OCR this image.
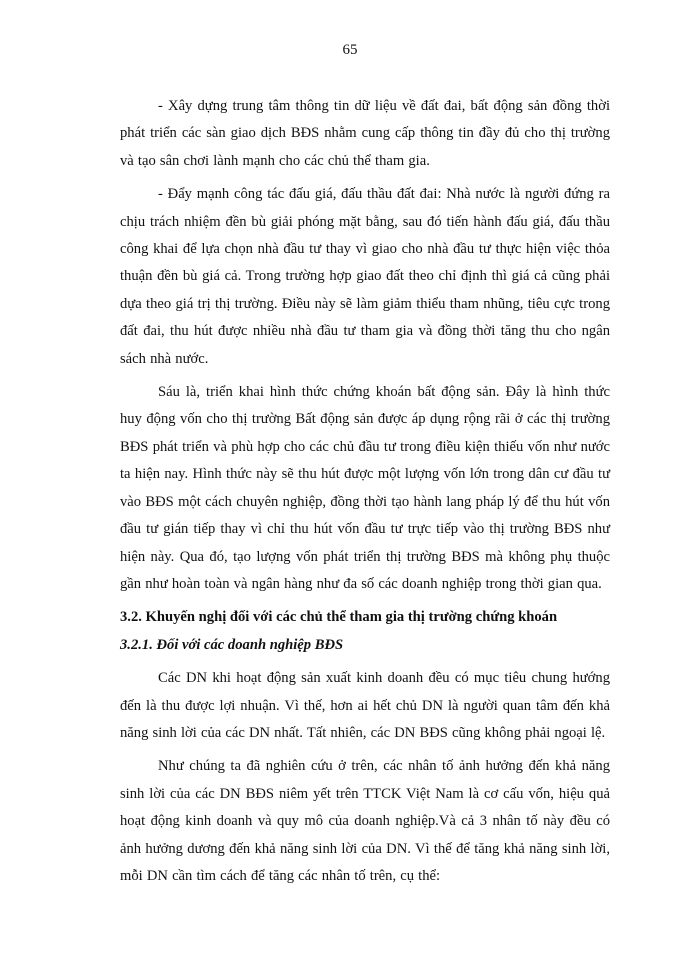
65

- Xây dựng trung tâm thông tin dữ liệu về đất đai, bất động sản đồng thời phát triển các sàn giao dịch BĐS nhằm cung cấp thông tin đầy đủ cho thị trường và tạo sân chơi lành mạnh cho các chủ thể tham gia.

- Đẩy mạnh công tác đấu giá, đấu thầu đất đai: Nhà nước là người đứng ra chịu trách nhiệm đền bù giải phóng mặt bằng, sau đó tiến hành đấu giá, đấu thầu công khai để lựa chọn nhà đầu tư thay vì giao cho nhà đầu tư thực hiện việc thỏa thuận đền bù giá cả. Trong trường hợp giao đất theo chỉ định thì giá cả cũng phải dựa theo giá trị thị trường. Điều này sẽ làm giảm thiểu tham nhũng, tiêu cực trong đất đai, thu hút được nhiều nhà đầu tư tham gia và đồng thời tăng thu cho ngân sách nhà nước.

Sáu là, triển khai hình thức chứng khoán bất động sản. Đây là hình thức huy động vốn cho thị trường Bất động sản được áp dụng rộng rãi ở các thị trường BĐS phát triển và phù hợp cho các chủ đầu tư trong điều kiện thiếu vốn như nước ta hiện nay. Hình thức này sẽ thu hút được một lượng vốn lớn trong dân cư đầu tư vào BĐS một cách chuyên nghiệp, đồng thời tạo hành lang pháp lý để thu hút vốn đầu tư gián tiếp thay vì chỉ thu hút vốn đầu tư trực tiếp vào thị trường BĐS như hiện này. Qua đó, tạo lượng vốn phát triển thị trường BĐS mà không phụ thuộc gần như hoàn toàn và ngân hàng như đa số các doanh nghiệp trong thời gian qua.

3.2. Khuyến nghị đối với các chủ thể tham gia thị trường chứng khoán

3.2.1. Đối với các doanh nghiệp BĐS

Các DN khi hoạt động sản xuất kinh doanh đều có mục tiêu chung hướng đến là thu được lợi nhuận. Vì thế, hơn ai hết chủ DN là người quan tâm đến khả năng sinh lời của các DN nhất. Tất nhiên, các DN BĐS cũng không phải ngoại lệ.

Như chúng ta đã nghiên cứu ở trên, các nhân tố ảnh hưởng đến khả năng sinh lời của các DN BĐS niêm yết trên TTCK Việt Nam là cơ cấu vốn, hiệu quả hoạt động kinh doanh và quy mô của doanh nghiệp.Và cả 3 nhân tố này đều có ảnh hưởng dương đến khả năng sinh lời của DN. Vì thế để tăng khả năng sinh lời, mỗi DN cần tìm cách để tăng các nhân tố trên, cụ thể:
